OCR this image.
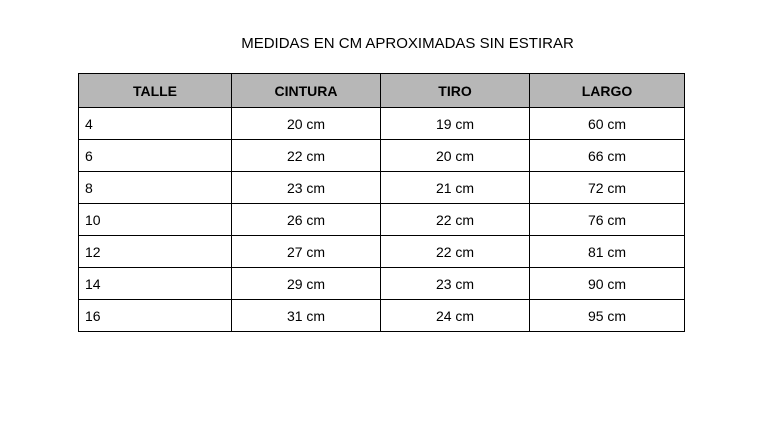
MEDIDAS EN CM APROXIMADAS SIN ESTIRAR
TALLE	CINTURA	TIRO	LARGO
4	20 cm	19 cm	60 cm
6	22 cm	20 cm	66 cm
8	23 cm	21 cm	72 cm
10	26 cm	22 cm	76 cm
12	27 cm	22 cm	81 cm
14	29 cm	23 cm	90 cm
16	31 cm	24 cm	95 cm
